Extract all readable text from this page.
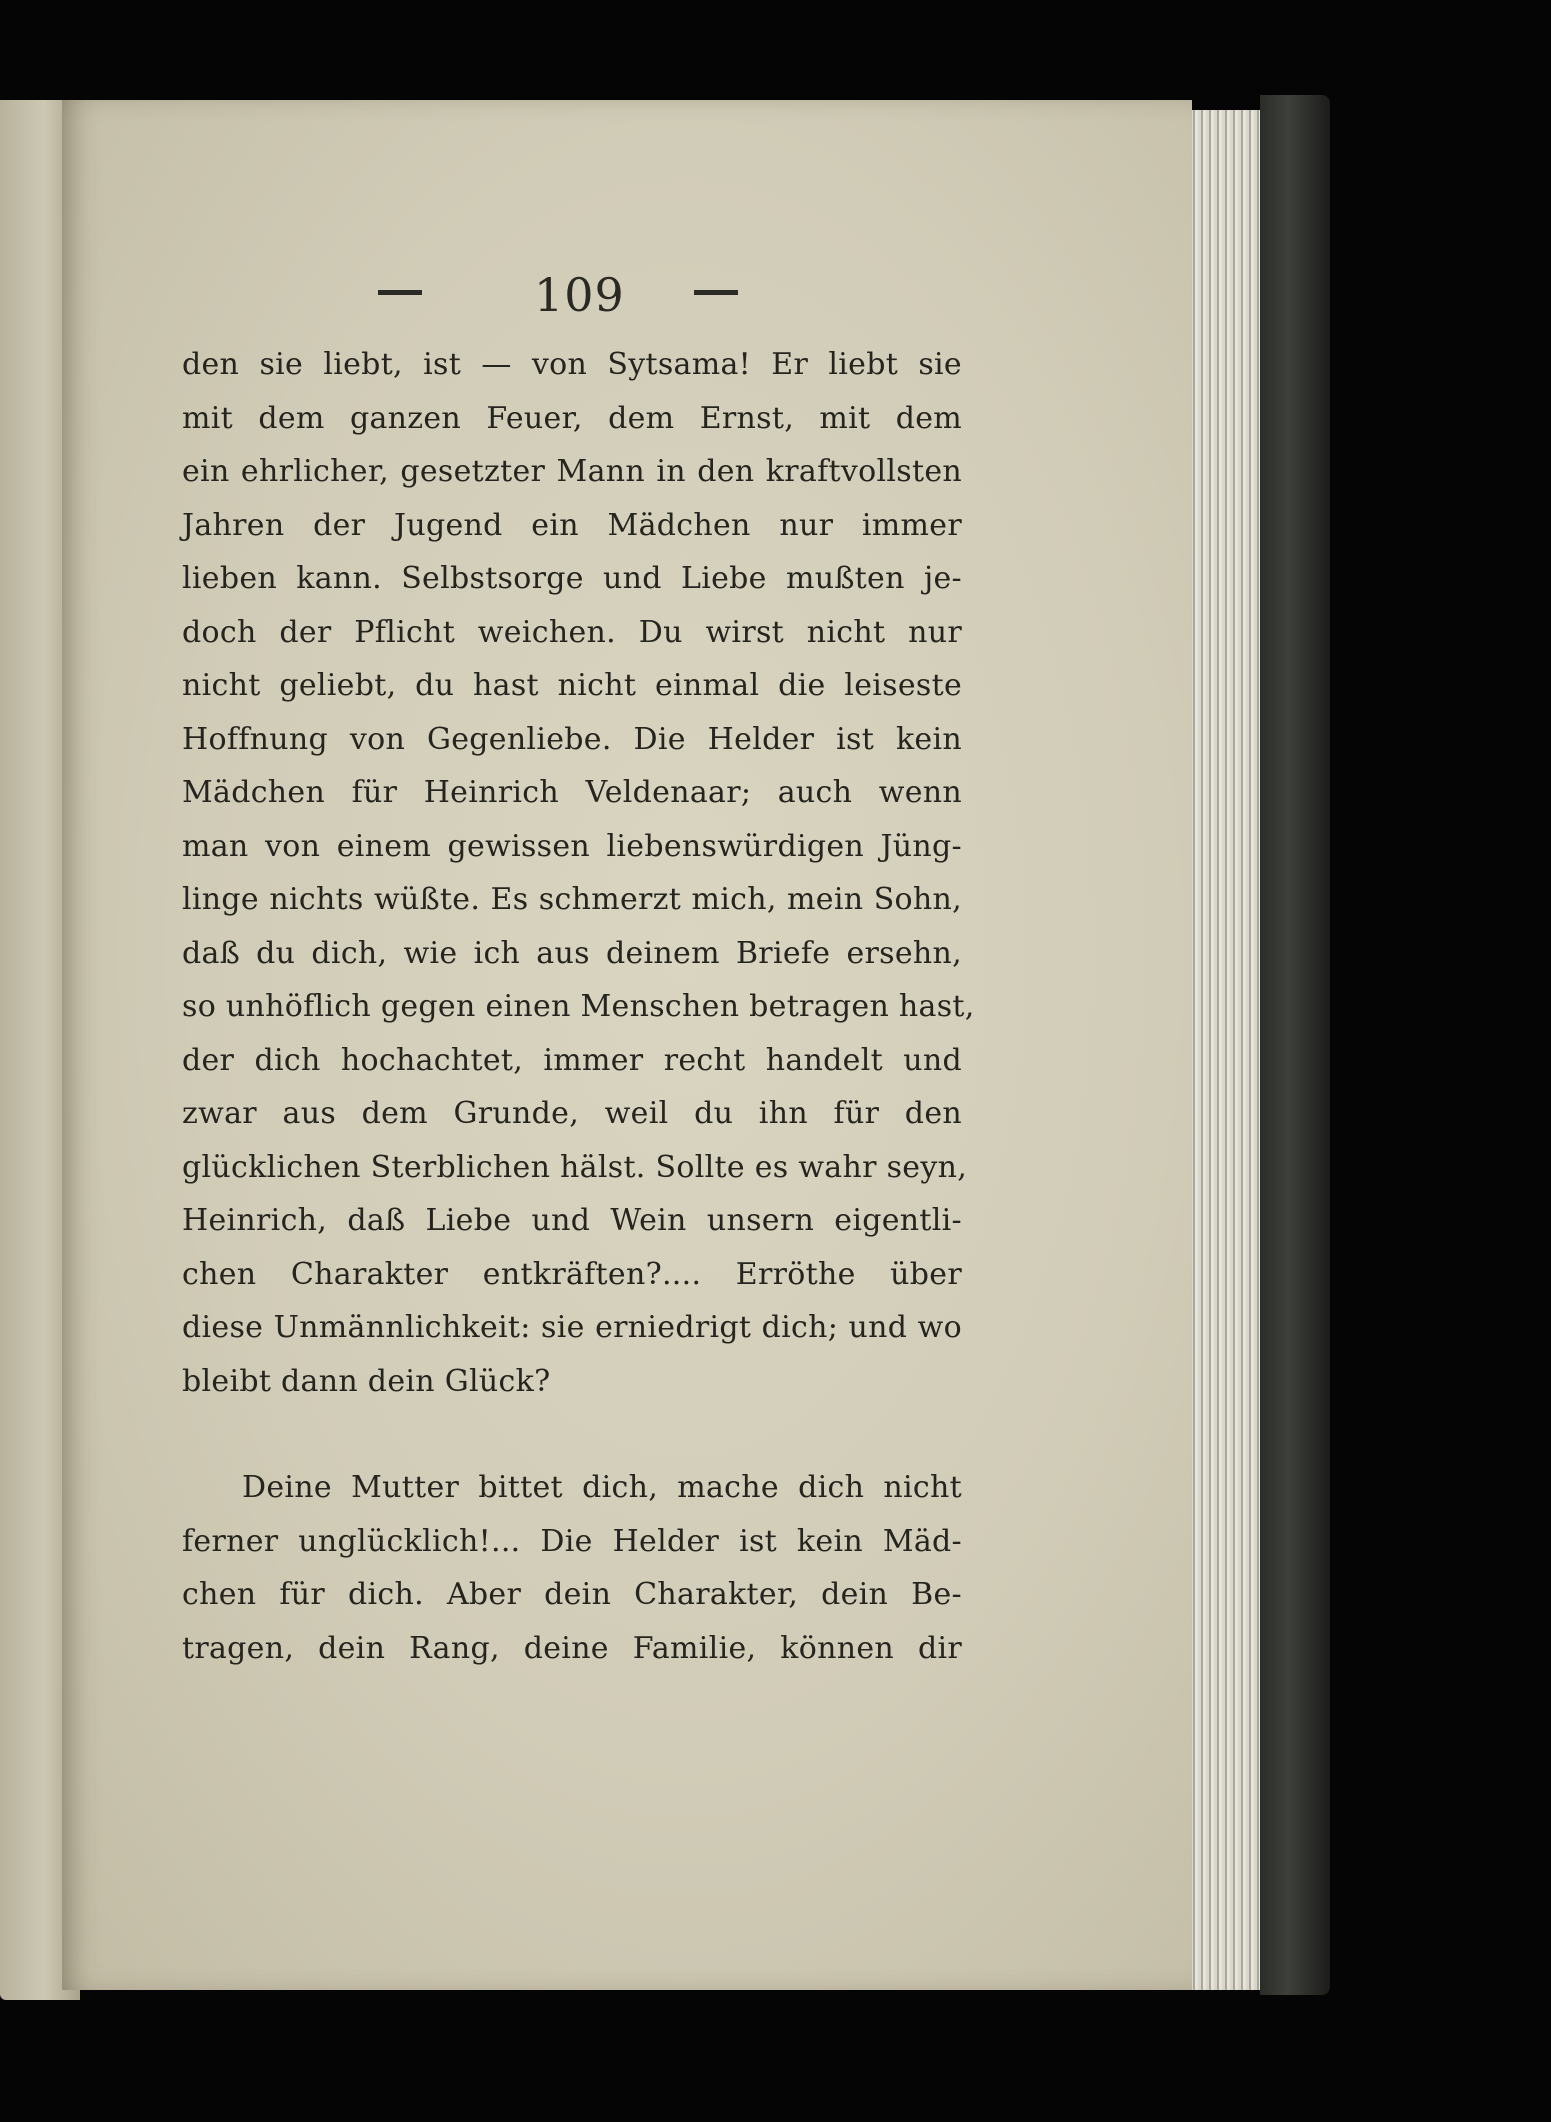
109
den sie liebt, ist — von Sytsama! Er liebt sie
mit dem ganzen Feuer, dem Ernst, mit dem
ein ehrlicher, gesetzter Mann in den kraftvollsten
Jahren der Jugend ein Mädchen nur immer
lieben kann. Selbstsorge und Liebe mußten je-
doch der Pflicht weichen. Du wirst nicht nur
nicht geliebt, du hast nicht einmal die leiseste
Hoffnung von Gegenliebe. Die Helder ist kein
Mädchen für Heinrich Veldenaar; auch wenn
man von einem gewissen liebenswürdigen Jüng-
linge nichts wüßte. Es schmerzt mich, mein Sohn,
daß du dich, wie ich aus deinem Briefe ersehn,
so unhöflich gegen einen Menschen betragen hast,
der dich hochachtet, immer recht handelt und
zwar aus dem Grunde, weil du ihn für den
glücklichen Sterblichen hälst. Sollte es wahr seyn,
Heinrich, daß Liebe und Wein unsern eigentli-
chen Charakter entkräften?.... Erröthe über
diese Unmännlichkeit: sie erniedrigt dich; und wo
bleibt dann dein Glück?
Deine Mutter bittet dich, mache dich nicht
ferner unglücklich!... Die Helder ist kein Mäd-
chen für dich. Aber dein Charakter, dein Be-
tragen, dein Rang, deine Familie, können dir
